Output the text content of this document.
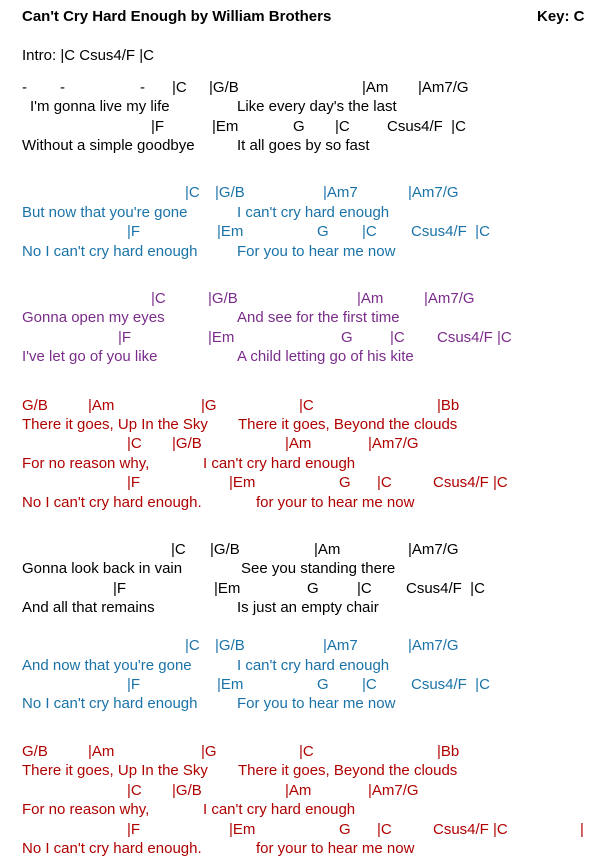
Can't Cry Hard Enough by William Brothers	Key: C
Intro: |C Csus4/F |C
- -	- |C |G/B	|Am |Am7/G
I'm gonna live my life	Like every day's the last
|F	|Em	G |C Csus4/F  |C
Without a simple goodbye	It all goes by so fast
|C |G/B	|Am7	|Am7/G
But now that you're gone	I can't cry hard enough
|F	|Em	G |C Csus4/F  |C
No I can't cry hard enough	For you to hear me now
|C	|G/B	|Am	|Am7/G
Gonna open my eyes	And see for the first time
|F	|Em	G |C Csus4/F |C
I've let go of you like	A child letting go of his kite
G/B	|Am	|G	|C	|Bb
There it goes, Up In the Sky There it goes, Beyond the clouds
|C |G/B	|Am	|Am7/G
For no reason why,	I can't cry hard enough
|F	|Em	G |C	Csus4/F |C
No I can't cry hard enough.	for your to hear me now
|C |G/B	|Am	|Am7/G
Gonna look back in vain	See you standing there
|F	|Em	G	|C Csus4/F  |C
And all that remains	Is just an empty chair
|C |G/B	|Am7	|Am7/G
And now that you're gone	I can't cry hard enough
|F	|Em	G |C Csus4/F  |C
No I can't cry hard enough	For you to hear me now
G/B	|Am	|G	|C	|Bb
There it goes, Up In the Sky There it goes, Beyond the clouds
|C |G/B	|Am	|Am7/G
For no reason why,	I can't cry hard enough
|F	|Em	G |C	Csus4/F |C	|
No I can't cry hard enough.	for your to hear me now
